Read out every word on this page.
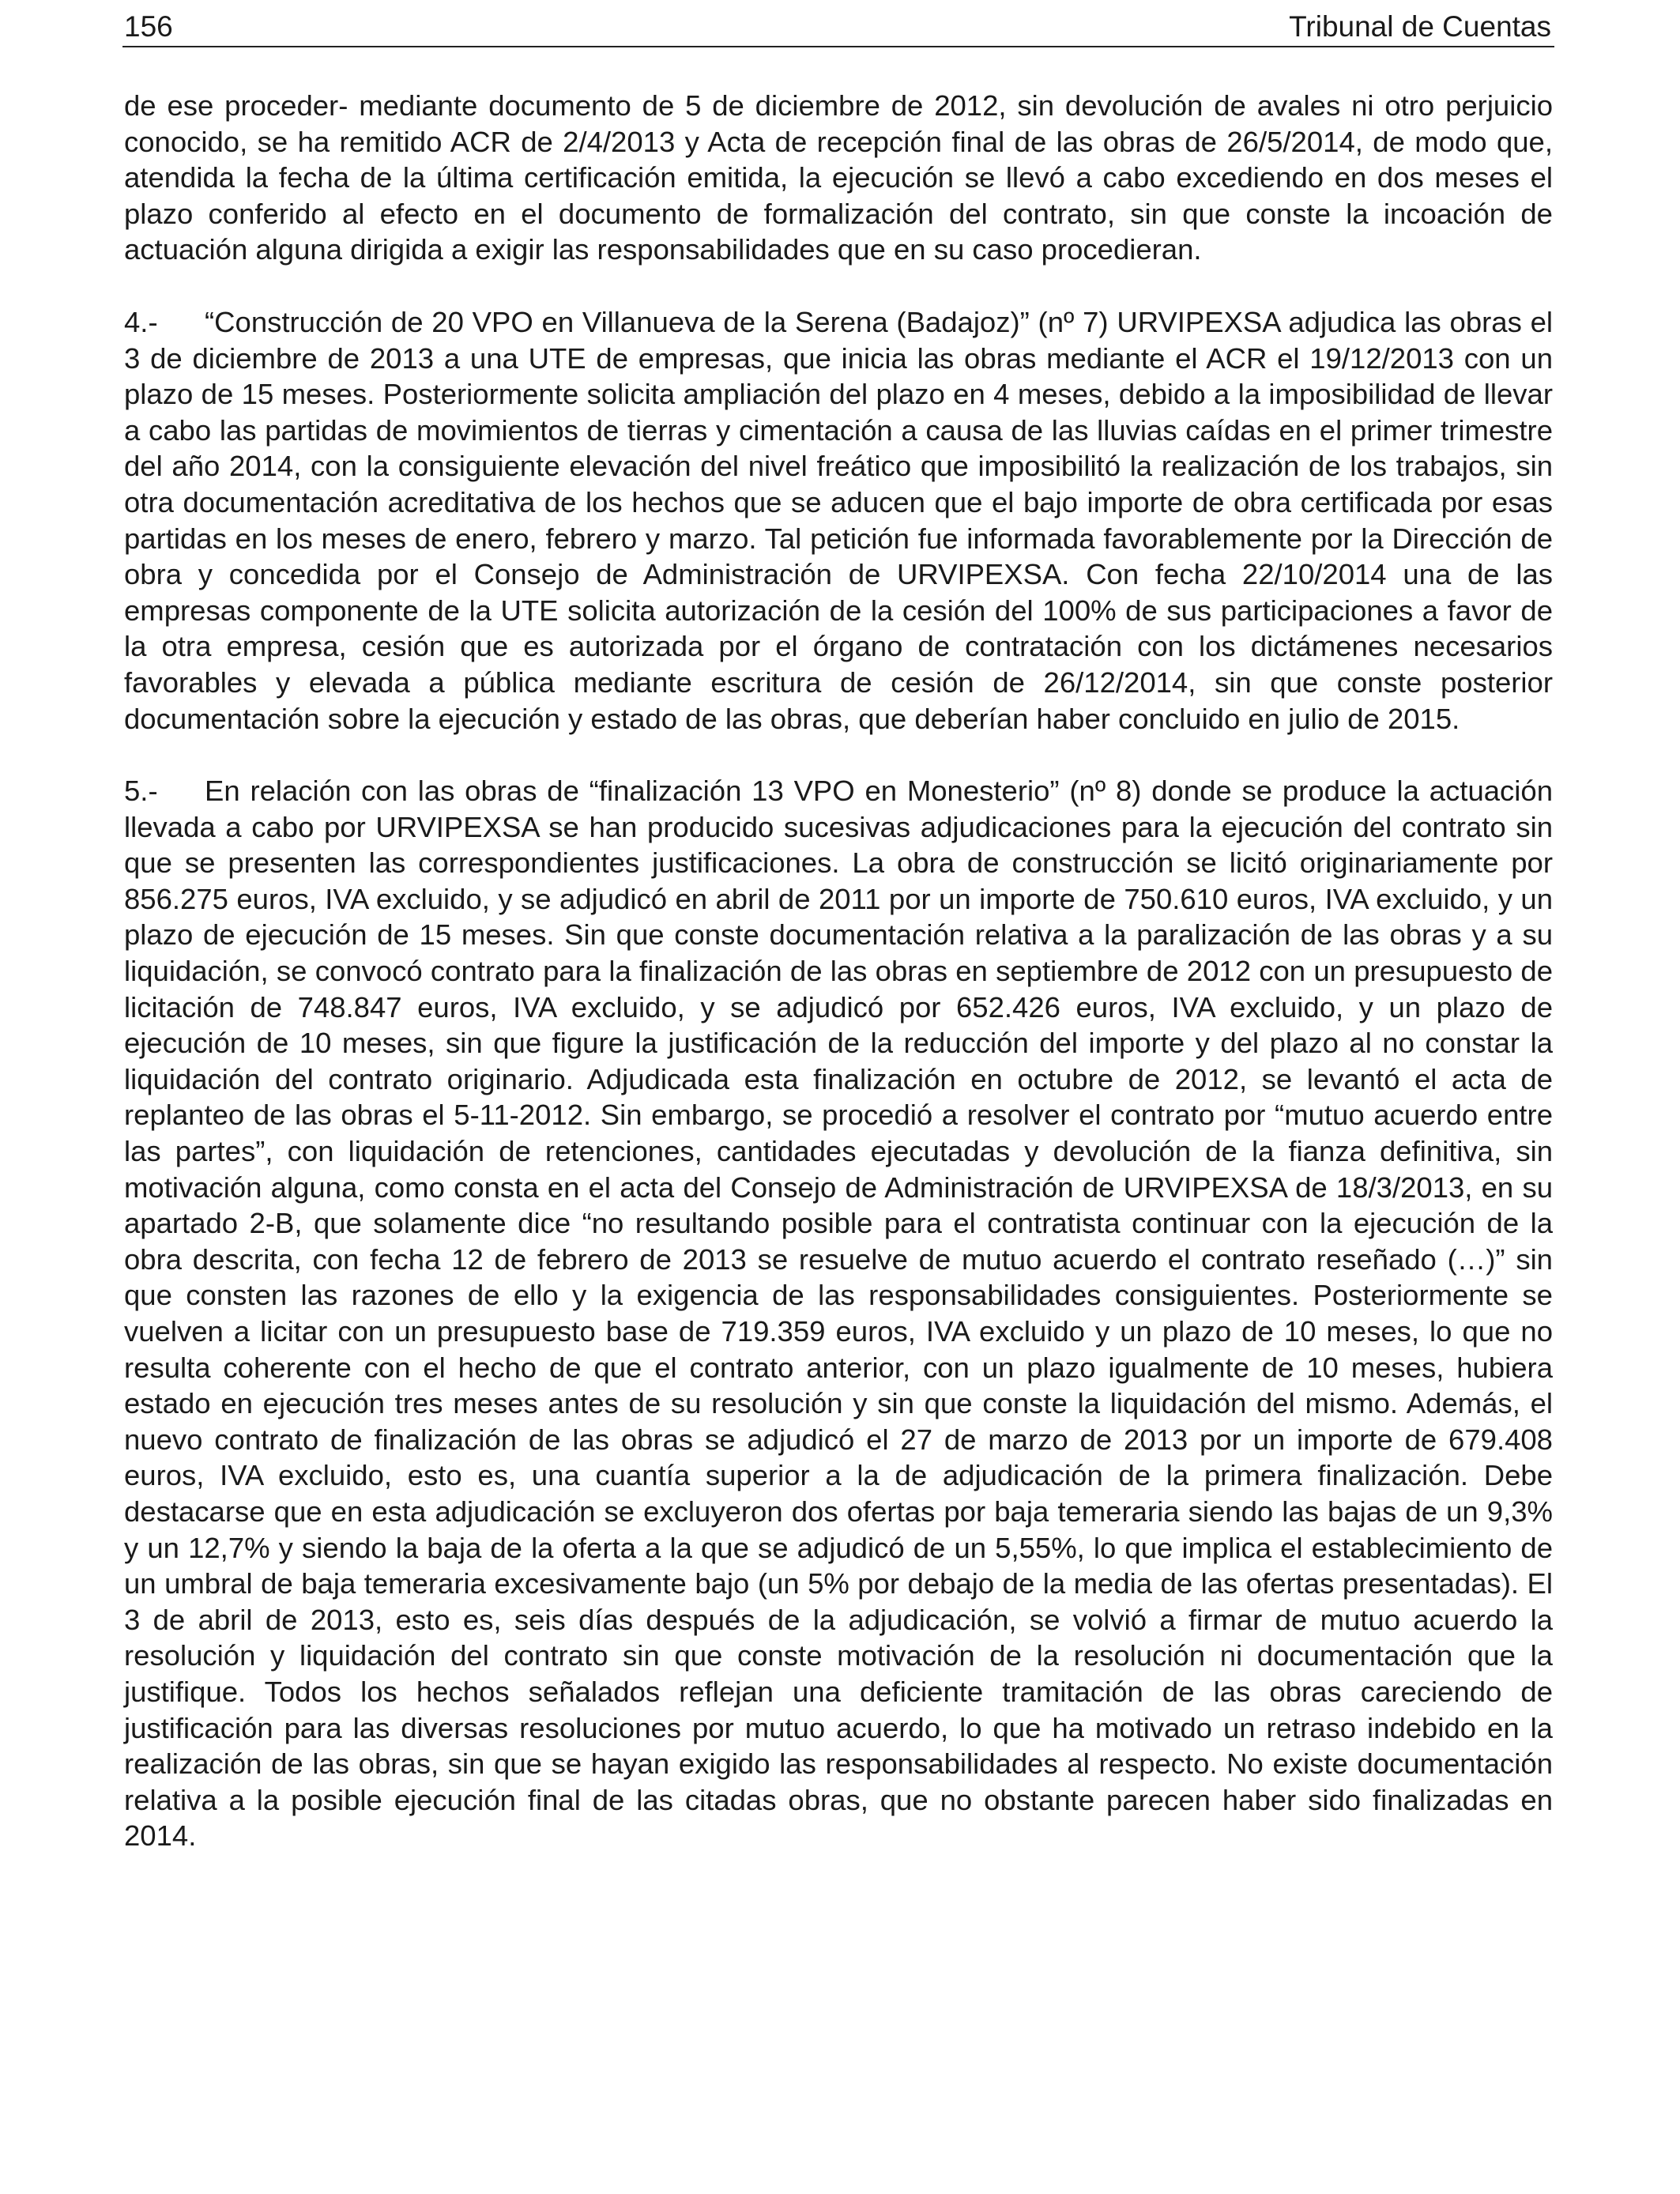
156	Tribunal de Cuentas

de ese proceder- mediante documento de 5 de diciembre de 2012, sin devolución de avales ni otro perjuicio conocido, se ha remitido ACR de 2/4/2013 y Acta de recepción final de las obras de 26/5/2014, de modo que, atendida la fecha de la última certificación emitida, la ejecución se llevó a cabo excediendo en dos meses el plazo conferido al efecto en el documento de formalización del contrato, sin que conste la incoación de actuación alguna dirigida a exigir las responsabilidades que en su caso procedieran.

4.- “Construcción de 20 VPO en Villanueva de la Serena (Badajoz)” (nº 7) URVIPEXSA adjudica las obras el 3 de diciembre de 2013 a una UTE de empresas, que inicia las obras mediante el ACR el 19/12/2013 con un plazo de 15 meses. Posteriormente solicita ampliación del plazo en 4 meses, debido a la imposibilidad de llevar a cabo las partidas de movimientos de tierras y cimentación a causa de las lluvias caídas en el primer trimestre del año 2014, con la consiguiente elevación del nivel freático que imposibilitó la realización de los trabajos, sin otra documentación acreditativa de los hechos que se aducen que el bajo importe de obra certificada por esas partidas en los meses de enero, febrero y marzo. Tal petición fue informada favorablemente por la Dirección de obra y concedida por el Consejo de Administración de URVIPEXSA. Con fecha 22/10/2014 una de las empresas componente de la UTE solicita autorización de la cesión del 100% de sus participaciones a favor de la otra empresa, cesión que es autorizada por el órgano de contratación con los dictámenes necesarios favorables y elevada a pública mediante escritura de cesión de 26/12/2014, sin que conste posterior documentación sobre la ejecución y estado de las obras, que deberían haber concluido en julio de 2015.

5.- En relación con las obras de “finalización 13 VPO en Monesterio” (nº 8) donde se produce la actuación llevada a cabo por URVIPEXSA se han producido sucesivas adjudicaciones para la ejecución del contrato sin que se presenten las correspondientes justificaciones. La obra de construcción se licitó originariamente por 856.275 euros, IVA excluido, y se adjudicó en abril de 2011 por un importe de 750.610 euros, IVA excluido, y un plazo de ejecución de 15 meses. Sin que conste documentación relativa a la paralización de las obras y a su liquidación, se convocó contrato para la finalización de las obras en septiembre de 2012 con un presupuesto de licitación de 748.847 euros, IVA excluido, y se adjudicó por 652.426 euros, IVA excluido, y un plazo de ejecución de 10 meses, sin que figure la justificación de la reducción del importe y del plazo al no constar la liquidación del contrato originario. Adjudicada esta finalización en octubre de 2012, se levantó el acta de replanteo de las obras el 5-11-2012. Sin embargo, se procedió a resolver el contrato por “mutuo acuerdo entre las partes”, con liquidación de retenciones, cantidades ejecutadas y devolución de la fianza definitiva, sin motivación alguna, como consta en el acta del Consejo de Administración de URVIPEXSA de 18/3/2013, en su apartado 2-B, que solamente dice “no resultando posible para el contratista continuar con la ejecución de la obra descrita, con fecha 12 de febrero de 2013 se resuelve de mutuo acuerdo el contrato reseñado (…)” sin que consten las razones de ello y la exigencia de las responsabilidades consiguientes. Posteriormente se vuelven a licitar con un presupuesto base de 719.359 euros, IVA excluido y un plazo de 10 meses, lo que no resulta coherente con el hecho de que el contrato anterior, con un plazo igualmente de 10 meses, hubiera estado en ejecución tres meses antes de su resolución y sin que conste la liquidación del mismo. Además, el nuevo contrato de finalización de las obras se adjudicó el 27 de marzo de 2013 por un importe de 679.408 euros, IVA excluido, esto es, una cuantía superior a la de adjudicación de la primera finalización. Debe destacarse que en esta adjudicación se excluyeron dos ofertas por baja temeraria siendo las bajas de un 9,3% y un 12,7% y siendo la baja de la oferta a la que se adjudicó de un 5,55%, lo que implica el establecimiento de un umbral de baja temeraria excesivamente bajo (un 5% por debajo de la media de las ofertas presentadas). El 3 de abril de 2013, esto es, seis días después de la adjudicación, se volvió a firmar de mutuo acuerdo la resolución y liquidación del contrato sin que conste motivación de la resolución ni documentación que la justifique. Todos los hechos señalados reflejan una deficiente tramitación de las obras careciendo de justificación para las diversas resoluciones por mutuo acuerdo, lo que ha motivado un retraso indebido en la realización de las obras, sin que se hayan exigido las responsabilidades al respecto. No existe documentación relativa a la posible ejecución final de las citadas obras, que no obstante parecen haber sido finalizadas en 2014.
